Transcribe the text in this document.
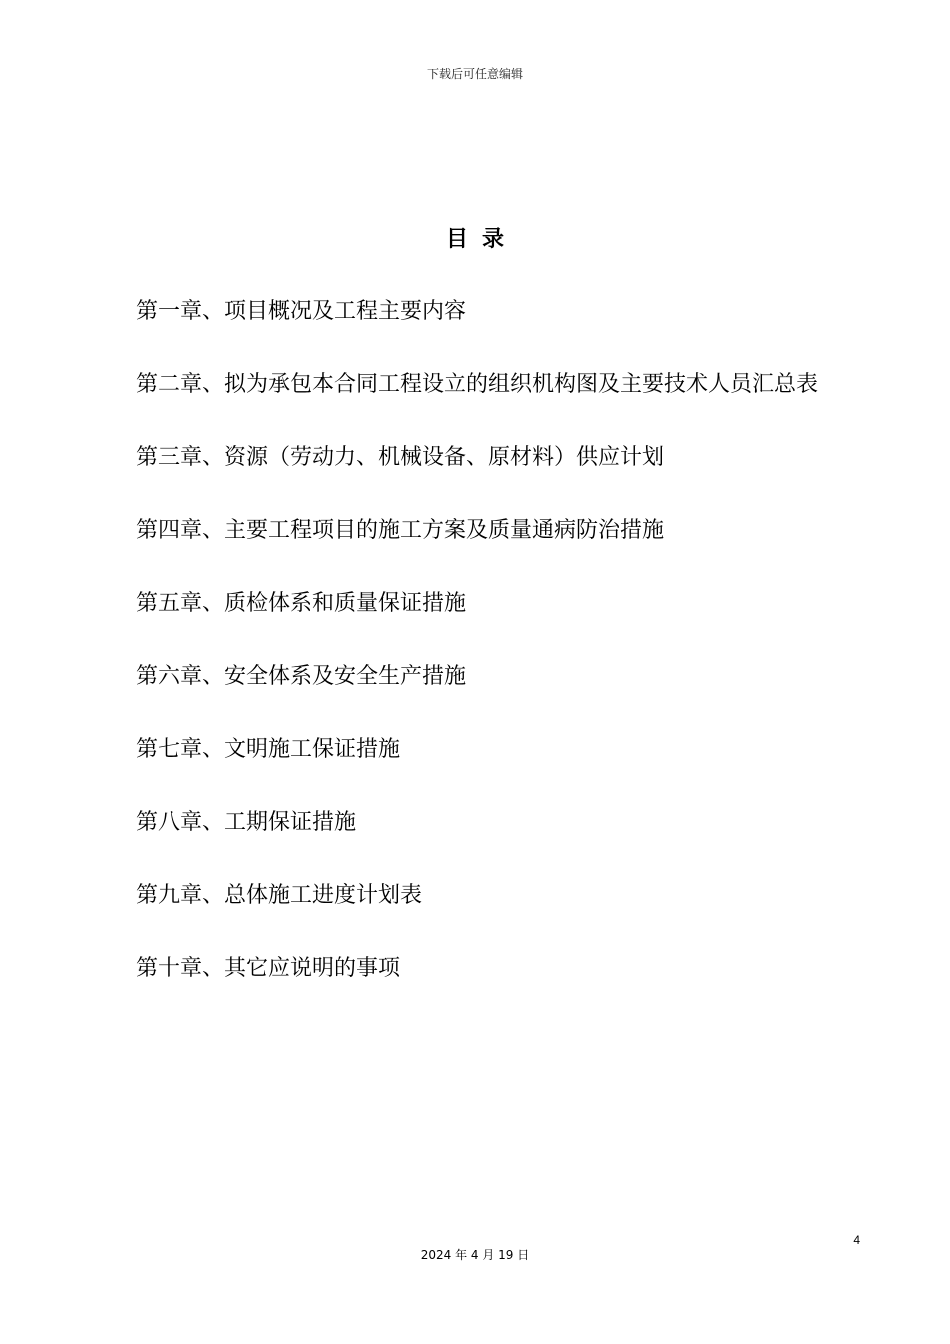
下载后可任意编辑
目录
第一章、项目概况及工程主要内容
第二章、拟为承包本合同工程设立的组织机构图及主要技术人员汇总表
第三章、资源（劳动力、机械设备、原材料）供应计划
第四章、主要工程项目的施工方案及质量通病防治措施
第五章、质检体系和质量保证措施
第六章、安全体系及安全生产措施
第七章、文明施工保证措施
第八章、工期保证措施
第九章、总体施工进度计划表
第十章、其它应说明的事项
4
2024 年 4 月 19 日
